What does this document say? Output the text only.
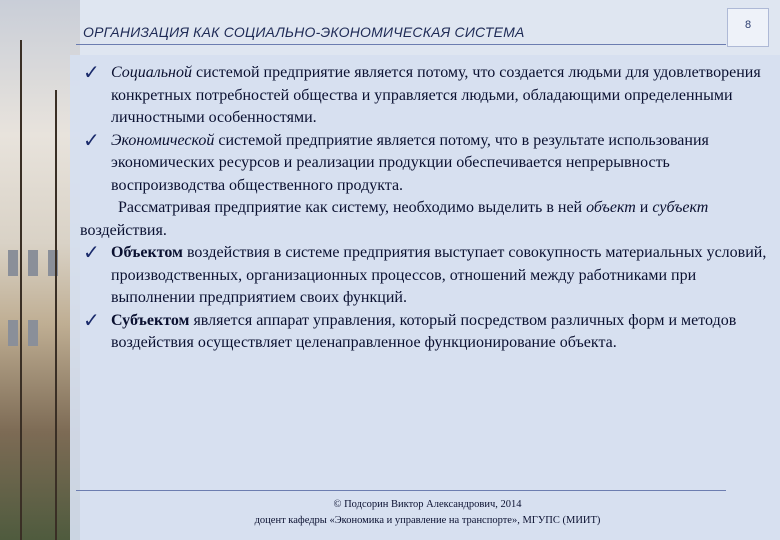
ОРГАНИЗАЦИЯ КАК СОЦИАЛЬНО-ЭКОНОМИЧЕСКАЯ СИСТЕМА	8
✓ Социальной системой предприятие является потому, что создается людьми для удовлетворения конкретных потребностей общества и управляется людьми, обладающими определенными личностными особенностями.
✓ Экономической системой предприятие является потому, что в результате использования экономических ресурсов и реализации продукции обеспечивается непрерывность воспроизводства общественного продукта.
Рассматривая предприятие как систему, необходимо выделить в ней объект и субъект воздействия.
✓ Объектом воздействия в системе предприятия выступает совокупность материальных условий, производственных, организационных процессов, отношений между работниками при выполнении предприятием своих функций.
✓ Субъектом является аппарат управления, который посредством различных форм и методов воздействия осуществляет целенаправленное функционирование объекта.
© Подсорин Виктор Александрович, 2014
доцент кафедры «Экономика и управление на транспорте», МГУПС (МИИТ)
